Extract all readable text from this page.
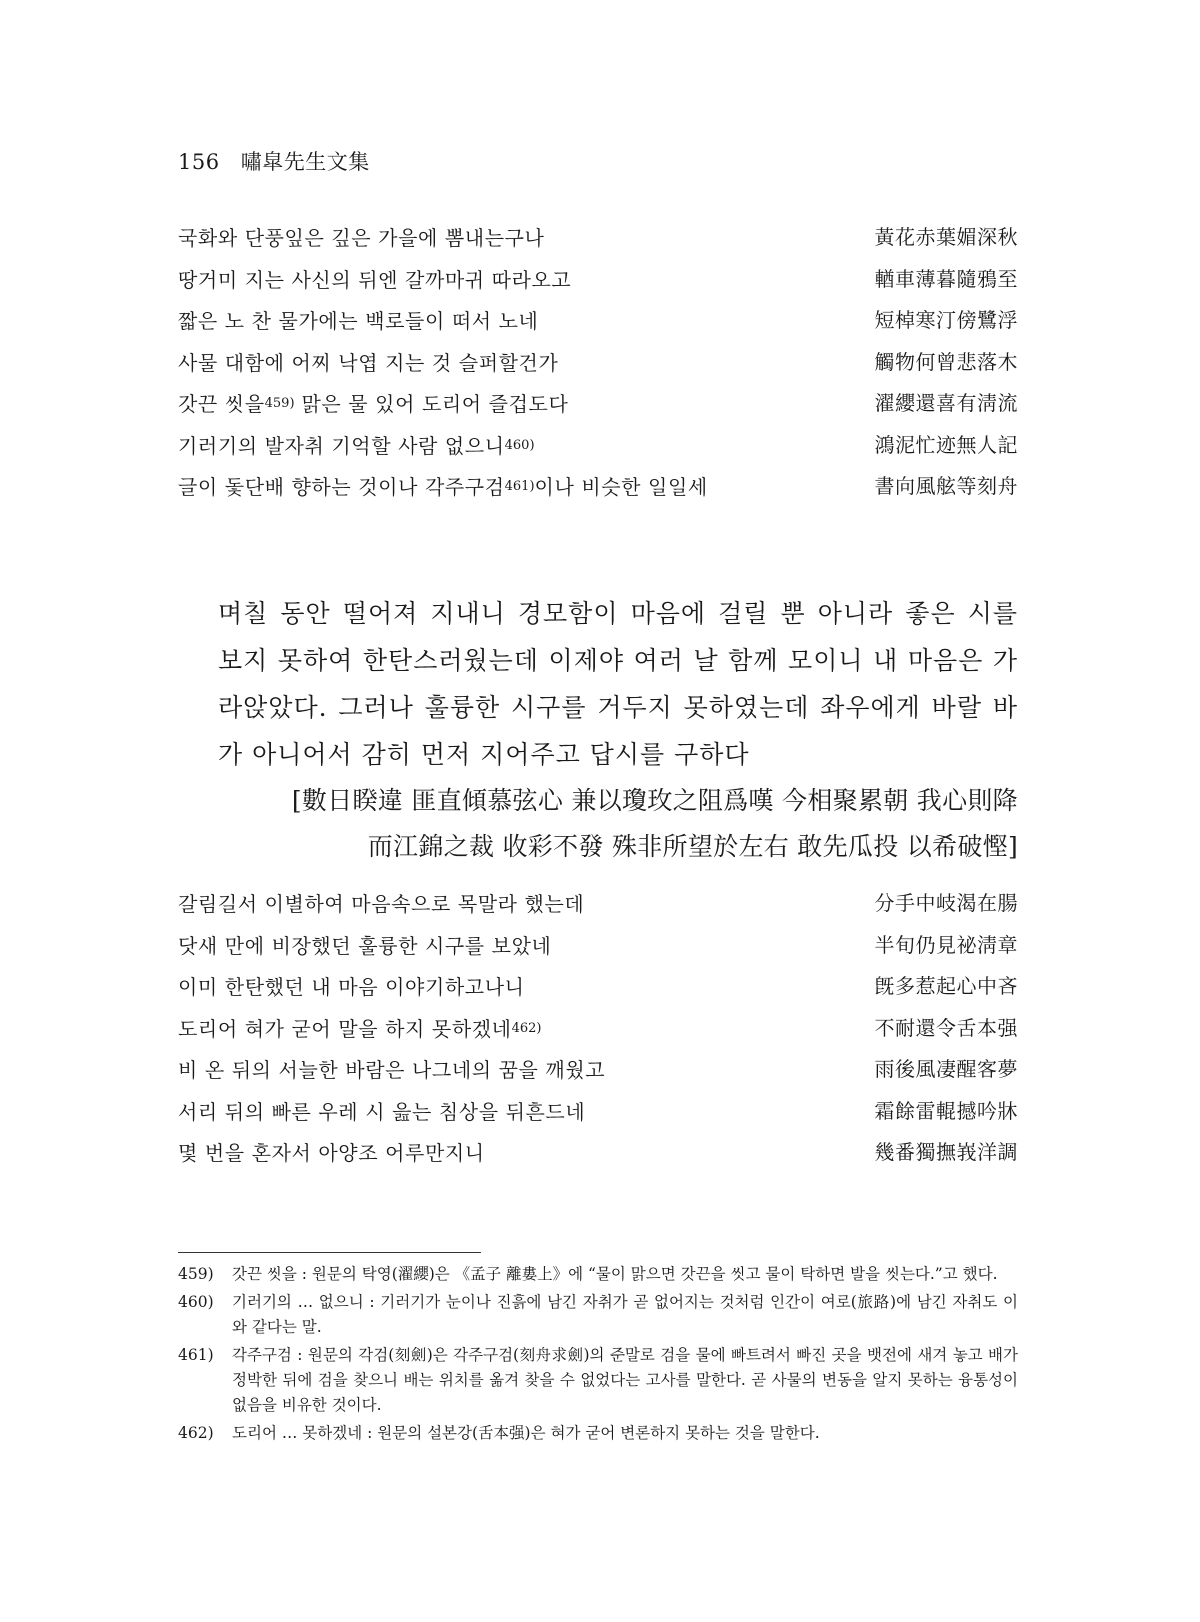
156 嘯皐先生文集
국화와 단풍잎은 깊은 가을에 뽐내는구나	黃花赤葉媚深秋
땅거미 지는 사신의 뒤엔 갈까마귀 따라오고	輶車薄暮隨鴉至
짧은 노 찬 물가에는 백로들이 떠서 노네	短棹寒汀傍鷺浮
사물 대함에 어찌 낙엽 지는 것 슬퍼할건가	觸物何曾悲落木
갓끈 씻을$^{459)}$ 맑은 물 있어 도리어 즐겁도다	濯纓還喜有淸流
기러기의 발자취 기억할 사람 없으니$^{460)}$	鴻泥忙迹無人記
글이 돛단배 향하는 것이나 각주구검$^{461)}$이나 비슷한 일일세	書向風舷等刻舟

며칠 동안 떨어져 지내니 경모함이 마음에 걸릴 뿐 아니라 좋은 시를 보지 못하여 한탄스러웠는데 이제야 여러 날 함께 모이니 내 마음은 가라앉았다. 그러나 훌륭한 시구를 거두지 못하였는데 좌우에게 바랄 바가 아니어서 감히 먼저 지어주고 답시를 구하다

[數日睽違 匪直傾慕弦心 兼以瓊玫之阻爲嘆 今相聚累朝 我心則降

而江錦之裁 收彩不發 殊非所望於左右 敢先瓜投 以希破慳]

갈림길서 이별하여 마음속으로 목말라 했는데	分手中岐渴在腸
닷새 만에 비장했던 훌륭한 시구를 보았네	半旬仍見祕淸章
이미 한탄했던 내 마음 이야기하고나니	旣多惹起心中吝
도리어 혀가 굳어 말을 하지 못하겠네$^{462)}$	不耐還令舌本强
비 온 뒤의 서늘한 바람은 나그네의 꿈을 깨웠고	雨後風凄醒客夢
서리 뒤의 빠른 우레 시 읊는 침상을 뒤흔드네	霜餘雷輥撼吟牀
몇 번을 혼자서 아양조 어루만지니	幾番獨撫峩洋調
459)	갓끈 씻을 : 원문의 탁영(濯纓)은 《孟子 離婁上》에 “물이 맑으면 갓끈을 씻고 물이 탁하면 발을 씻는다.”고 했다.
460)	기러기의 … 없으니 : 기러기가 눈이나 진흙에 남긴 자취가 곧 없어지는 것처럼 인간이 여로(旅路)에 남긴 자취도 이와 같다는 말.
461)	각주구검 : 원문의 각검(刻劍)은 각주구검(刻舟求劍)의 준말로 검을 물에 빠트려서 빠진 곳을 뱃전에 새겨 놓고 배가 정박한 뒤에 검을 찾으니 배는 위치를 옮겨 찾을 수 없었다는 고사를 말한다. 곧 사물의 변동을 알지 못하는 융통성이 없음을 비유한 것이다.
462)	도리어 … 못하겠네 : 원문의 설본강(舌本强)은 혀가 굳어 변론하지 못하는 것을 말한다.
